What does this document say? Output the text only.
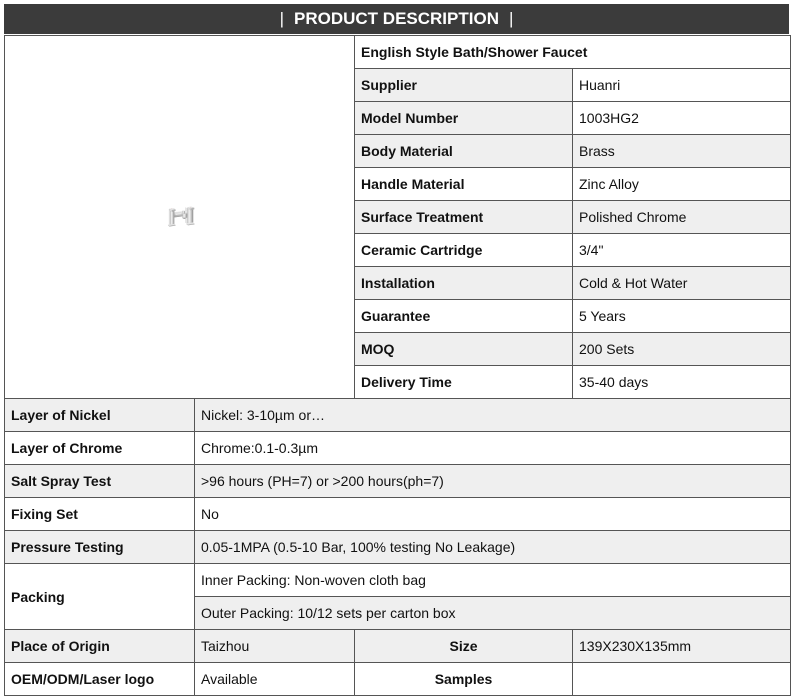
| PRODUCT DESCRIPTION |
	English Style Bath/Shower Faucet	
		Supplier	Huanri
		Model Number	1003HG2
		Body Material	Brass
		Handle Material	Zinc Alloy
		Surface Treatment	Polished Chrome
		Ceramic Cartridge	3/4"
		Installation	Cold & Hot Water
		Guarantee	5 Years
		MOQ	200 Sets
		Delivery Time	35-40 days
Layer of Nickel	Nickel: 3-10µm or…		
Layer of Chrome	Chrome:0.1-0.3µm		
Salt Spray Test	>96 hours (PH=7) or >200 hours(ph=7)		
Fixing Set	No		
Pressure Testing	0.05-1MPA (0.5-10 Bar, 100% testing No Leakage)		
Packing	Inner Packing: Non-woven cloth bag		
	Outer Packing: 10/12 sets per carton box		
Place of Origin	Taizhou	Size	139X230X135mm
OEM/ODM/Laser logo	Available	Samples	
